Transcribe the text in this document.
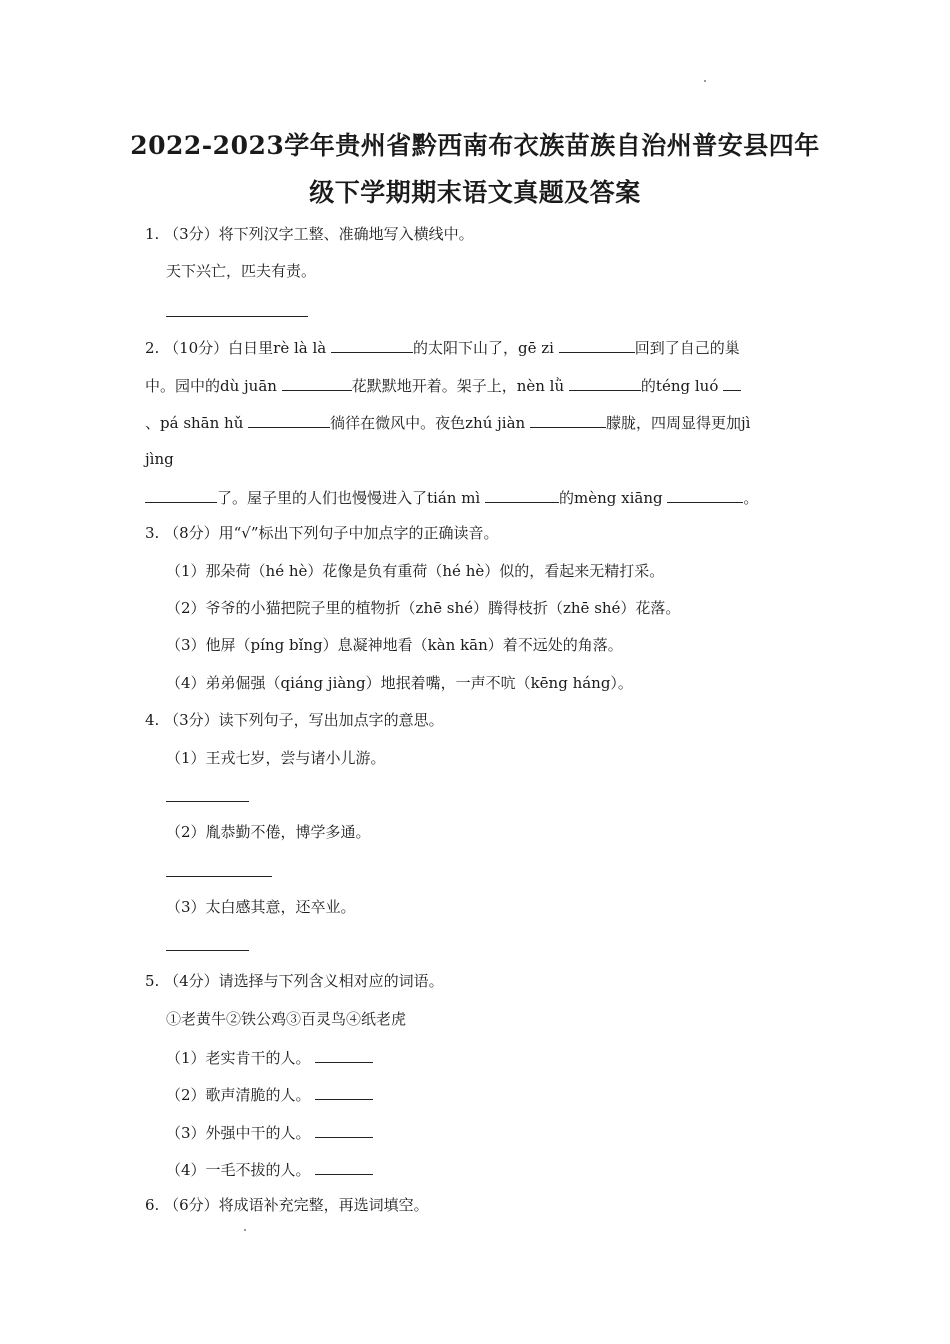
2022-2023学年贵州省黔西南布衣族苗族自治州普安县四年
级下学期期末语文真题及答案
1. （3分）将下列汉字工整、准确地写入横线中。
天下兴亡，匹夫有责。
2. （10分）白日里rè là là	的太阳下山了，gē zi	回到了自己的巢
中。园中的dù juān	花默默地开着。架子上，nèn lǜ	的téng luó
、pá shān hǔ	徜徉在微风中。夜色zhú jiàn	朦胧，四周显得更加jì
jìng
了。屋子里的人们也慢慢进入了tián mì	的mèng xiāng	。
3. （8分）用“√”标出下列句子中加点字的正确读音。
（1）那朵荷（hé hè）花像是负有重荷（hé hè）似的，看起来无精打采。
（2）爷爷的小猫把院子里的植物折（zhē shé）腾得枝折（zhē shé）花落。
（3）他屏（píng bǐng）息凝神地看（kàn kān）着不远处的角落。
（4）弟弟倔强（qiáng jiàng）地抿着嘴，一声不吭（kēng háng）。
4. （3分）读下列句子，写出加点字的意思。
（1）王戎七岁，尝与诸小儿游。
（2）胤恭勤不倦，博学多通。
（3）太白感其意，还卒业。
5. （4分）请选择与下列含义相对应的词语。
①老黄牛②铁公鸡③百灵鸟④纸老虎
（1）老实肯干的人。
（2）歌声清脆的人。
（3）外强中干的人。
（4）一毛不拔的人。
6. （6分）将成语补充完整，再选词填空。
